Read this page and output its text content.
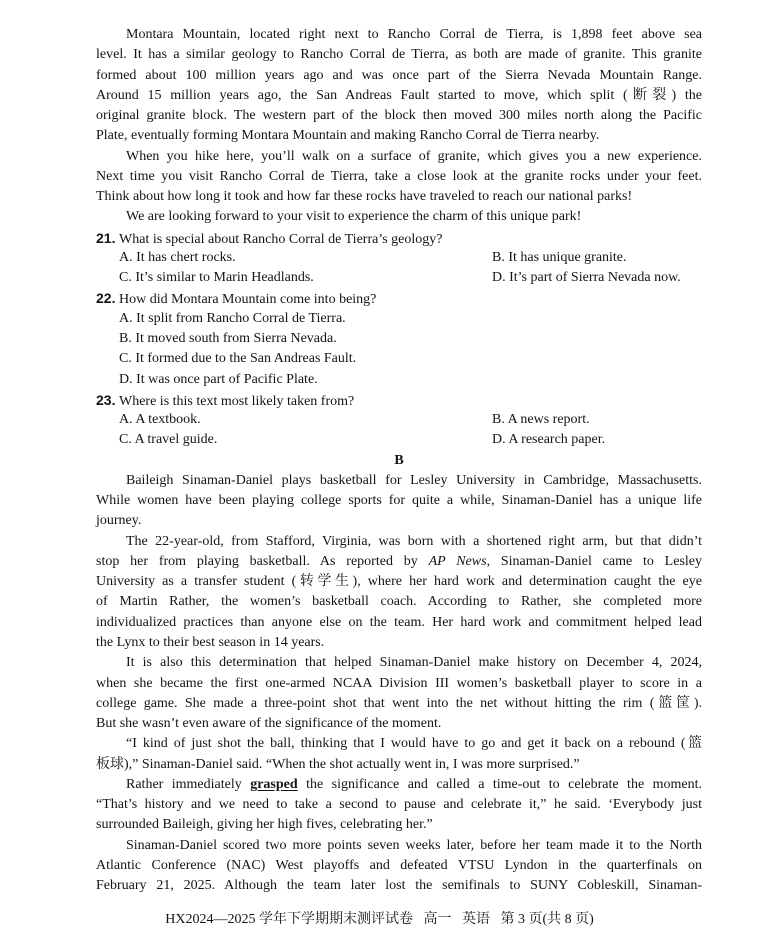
Montara Mountain, located right next to Rancho Corral de Tierra, is 1,898 feet above sea
level. It has a similar geology to Rancho Corral de Tierra, as both are made of granite. This granite
formed about 100 million years ago and was once part of the Sierra Nevada Mountain Range.
Around 15 million years ago, the San Andreas Fault started to move, which split (断裂) the
original granite block. The western part of the block then moved 300 miles north along the Pacific
Plate, eventually forming Montara Mountain and making Rancho Corral de Tierra nearby.
When you hike here, you’ll walk on a surface of granite, which gives you a new experience.
Next time you visit Rancho Corral de Tierra, take a close look at the granite rocks under your feet.
Think about how long it took and how far these rocks have traveled to reach our national parks!
We are looking forward to your visit to experience the charm of this unique park!
21. What is special about Rancho Corral de Tierra’s geology?
A. It has chert rocks.	B. It has unique granite.
C. It’s similar to Marin Headlands.	D. It’s part of Sierra Nevada now.
22. How did Montara Mountain come into being?
A. It split from Rancho Corral de Tierra.
B. It moved south from Sierra Nevada.
C. It formed due to the San Andreas Fault.
D. It was once part of Pacific Plate.
23. Where is this text most likely taken from?
A. A textbook.	B. A news report.
C. A travel guide.	D. A research paper.
B
Baileigh Sinaman-Daniel plays basketball for Lesley University in Cambridge, Massachusetts.
While women have been playing college sports for quite a while, Sinaman-Daniel has a unique life
journey.
The 22-year-old, from Stafford, Virginia, was born with a shortened right arm, but that didn’t
stop her from playing basketball. As reported by AP News, Sinaman-Daniel came to Lesley
University as a transfer student (转学生), where her hard work and determination caught the eye
of Martin Rather, the women’s basketball coach. According to Rather, she completed more
individualized practices than anyone else on the team. Her hard work and commitment helped lead
the Lynx to their best season in 14 years.
It is also this determination that helped Sinaman-Daniel make history on December 4, 2024,
when she became the first one-armed NCAA Division III women’s basketball player to score in a
college game. She made a three-point shot that went into the net without hitting the rim (篮筐).
But she wasn’t even aware of the significance of the moment.
“I kind of just shot the ball, thinking that I would have to go and get it back on a rebound (篮
板球),” Sinaman-Daniel said. “When the shot actually went in, I was more surprised.”
Rather immediately grasped the significance and called a time-out to celebrate the moment.
“That’s history and we need to take a second to pause and celebrate it,” he said. ‘Everybody just
surrounded Baileigh, giving her high fives, celebrating her.”
Sinaman-Daniel scored two more points seven weeks later, before her team made it to the North
Atlantic Conference (NAC) West playoffs and defeated VTSU Lyndon in the quarterfinals on
February 21, 2025. Although the team later lost the semifinals to SUNY Cobleskill, Sinaman-
HX2024—2025 学年下学期期末测评试卷   高一   英语   第 3 页(共 8 页)
